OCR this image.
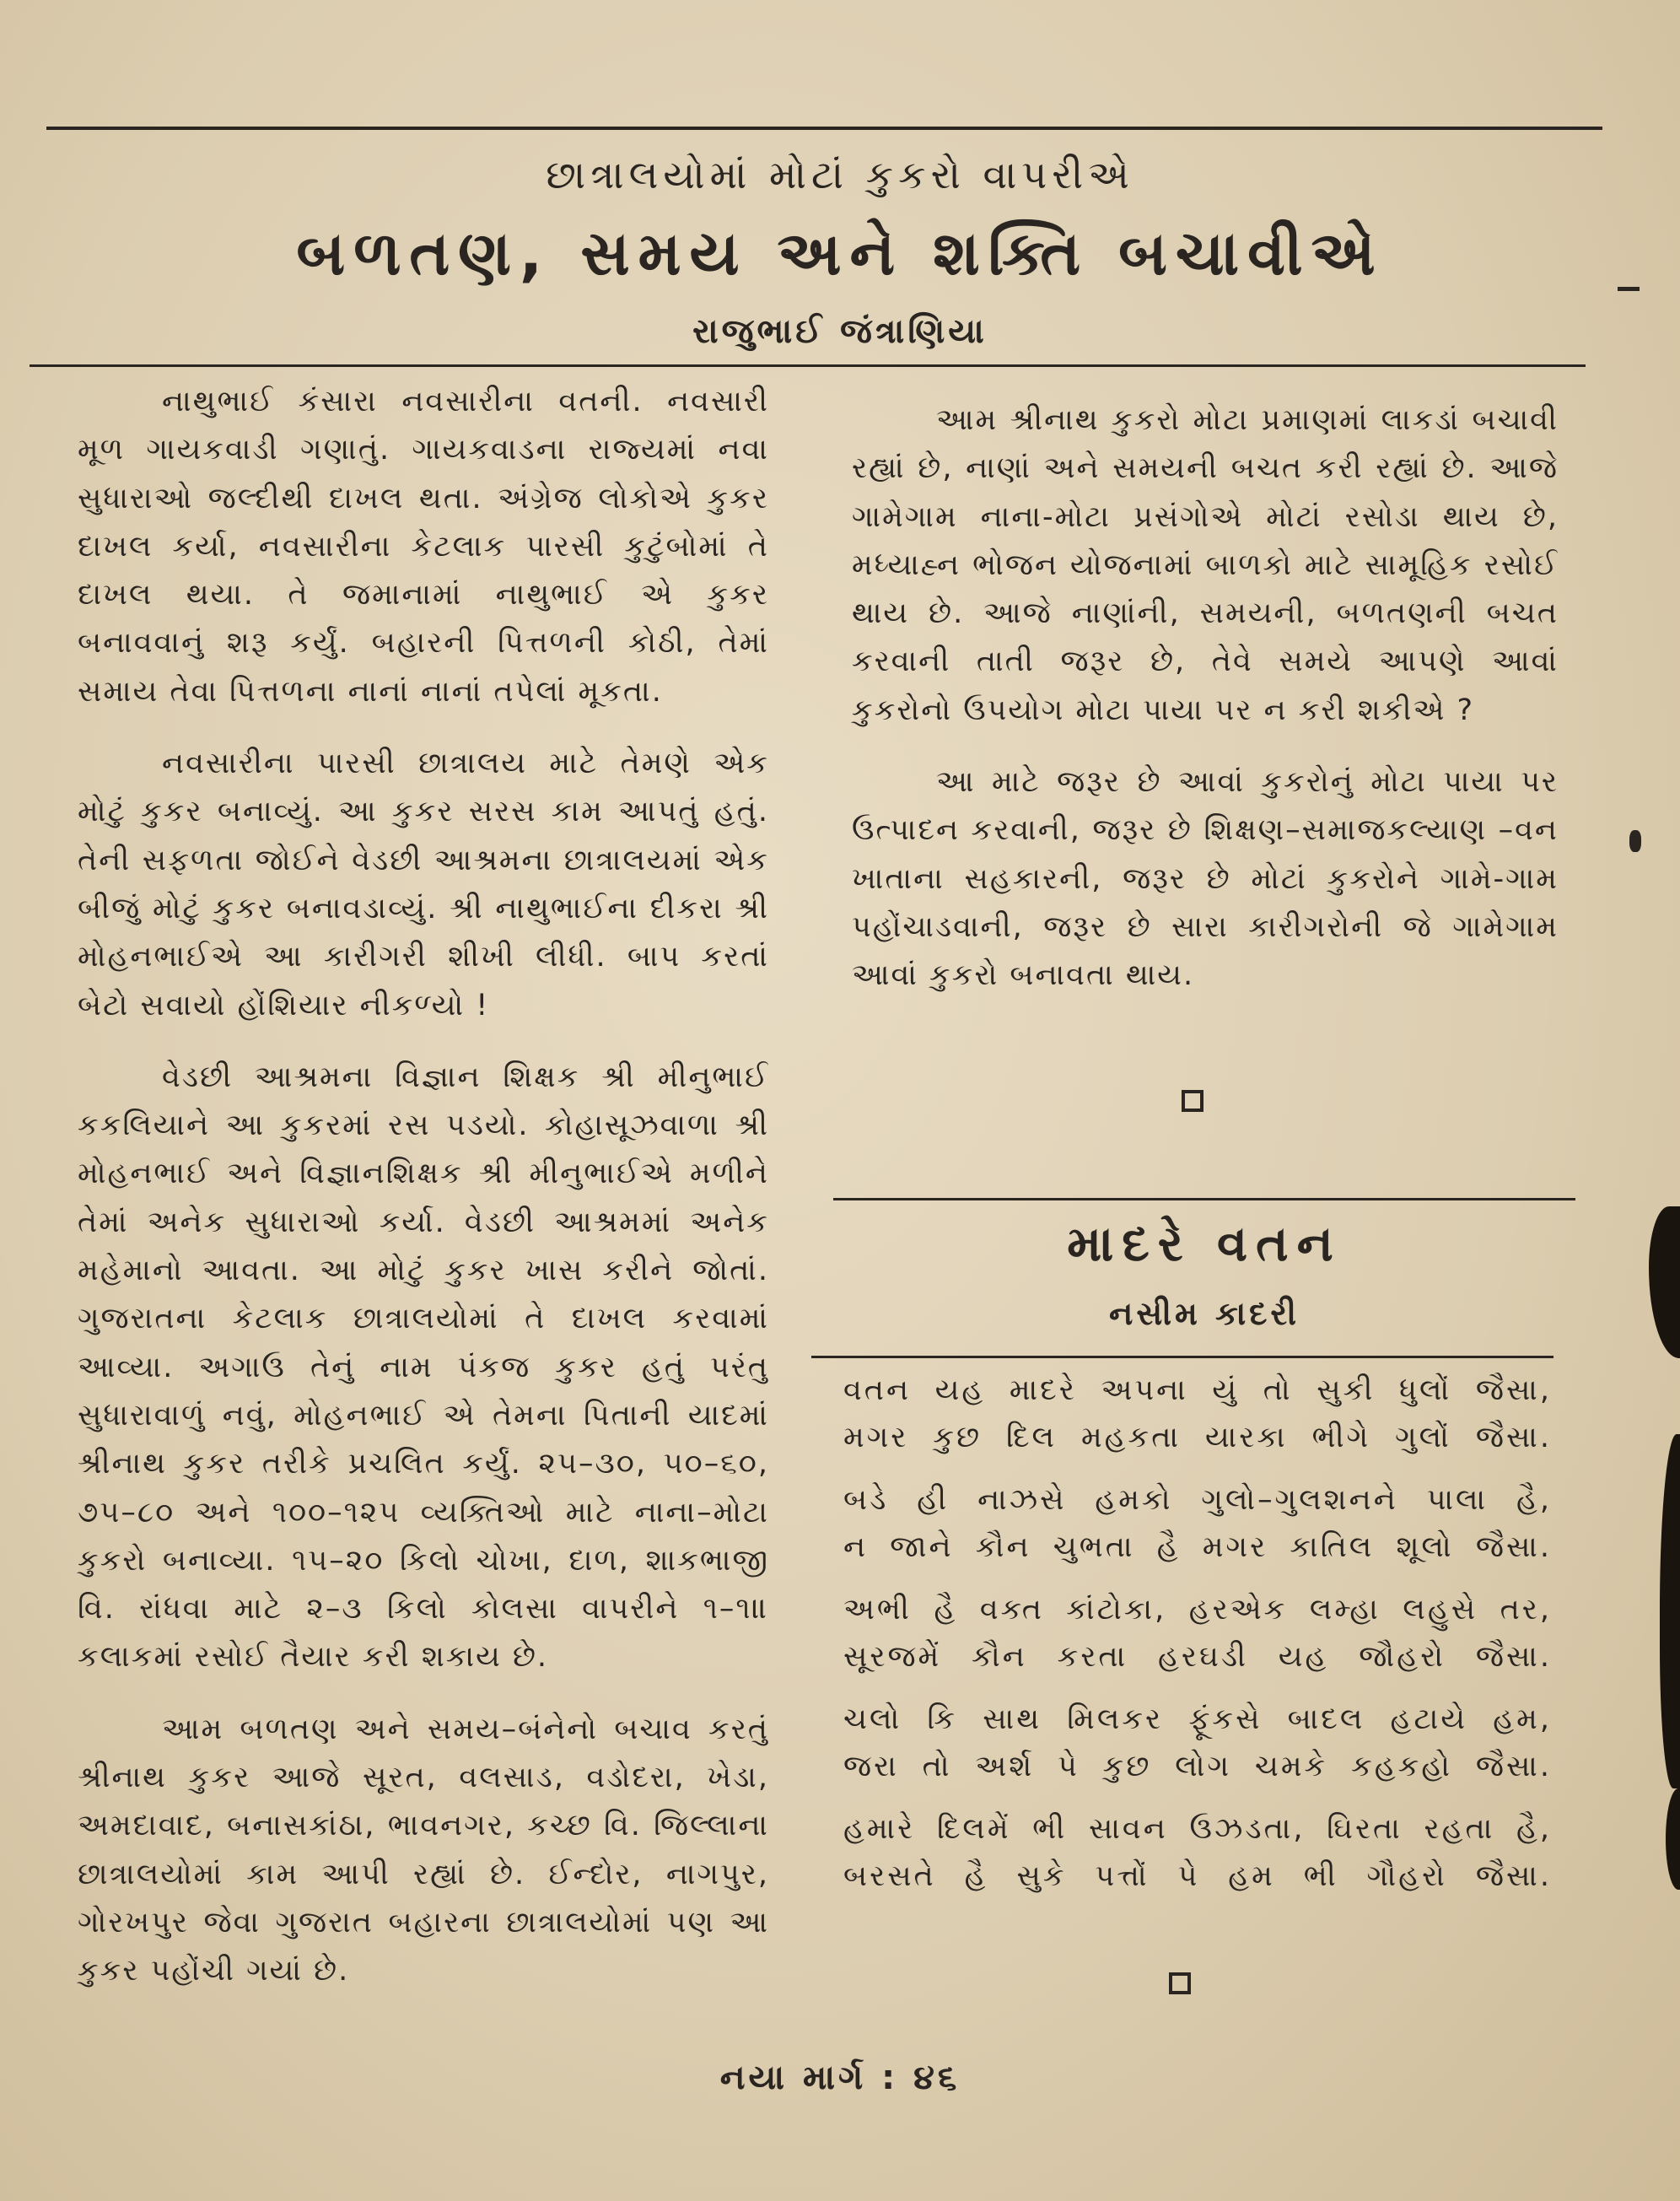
છાત્રાલયોમાં મોટાં કુકરો વાપરીએ
બળતણ, સમય અને શક્તિ બચાવીએ
રાજુભાઈ જંત્રાણિયા

નાથુભાઈ કંસારા નવસારીના વતની. નવસારી મૂળ ગાયકવાડી ગણાતું. ગાયકવાડના રાજ્યમાં નવા સુધારાઓ જલ્દીથી દાખલ થતા. અંગ્રેજ લોકોએ કુકર દાખલ કર્યા, નવસારીના કેટલાક પારસી કુટુંબોમાં તે દાખલ થયા. તે જમાનામાં નાથુભાઈ એ કુકર બનાવવાનું શરૂ કર્યું. બહારની પિત્તળની કોઠી, તેમાં સમાય તેવા પિત્તળના નાનાં નાનાં તપેલાં મૂકતા.

નવસારીના પારસી છાત્રાલય માટે તેમણે એક મોટું કુકર બનાવ્યું. આ કુકર સરસ કામ આપતું હતું. તેની સફળતા જોઈને વેડછી આશ્રમના છાત્રાલયમાં એક બીજું મોટું કુકર બનાવડાવ્યું. શ્રી નાથુભાઈના દીકરા શ્રી મોહનભાઈએ આ કારીગરી શીખી લીધી. બાપ કરતાં બેટો સવાયો હોંશિયાર નીકળ્યો !

વેડછી આશ્રમના વિજ્ઞાન શિક્ષક શ્રી મીનુભાઈ કકલિયાને આ કુકરમાં રસ પડયો. કોહાસૂઝવાળા શ્રી મોહનભાઈ અને વિજ્ઞાનશિક્ષક શ્રી મીનુભાઈએ મળીને તેમાં અનેક સુધારાઓ કર્યા. વેડછી આશ્રમમાં અનેક મહેમાનો આવતા. આ મોટું કુકર ખાસ કરીને જોતાં. ગુજરાતના કેટલાક છાત્રાલયોમાં તે દાખલ કરવામાં આવ્યા. અગાઉ તેનું નામ પંકજ કુકર હતું પરંતુ સુધારાવાળું નવું, મોહનભાઈ એ તેમના પિતાની યાદમાં શ્રીનાથ કુકર તરીકે પ્રચલિત કર્યું. ૨૫–૩૦, ૫૦–૬૦, ૭૫–૮૦ અને ૧૦૦–૧૨૫ વ્યક્તિઓ માટે નાના–મોટા કુકરો બનાવ્યા. ૧૫–૨૦ કિલો ચોખા, દાળ, શાકભાજી વિ. રાંધવા માટે ૨–૩ કિલો કોલસા વાપરીને ૧–૧॥ કલાકમાં રસોઈ તૈયાર કરી શકાય છે.

આમ બળતણ અને સમય–બંનેનો બચાવ કરતું શ્રીનાથ કુકર આજે સૂરત, વલસાડ, વડોદરા, ખેડા, અમદાવાદ, બનાસકાંઠા, ભાવનગર, કચ્છ વિ. જિલ્લાના છાત્રાલયોમાં કામ આપી રહ્યાં છે. ઈન્દોર, નાગપુર, ગોરખપુર જેવા ગુજરાત બહારના છાત્રાલયોમાં પણ આ કુકર પહોંચી ગયાં છે.

આમ શ્રીનાથ કુકરો મોટા પ્રમાણમાં લાકડાં બચાવી રહ્યાં છે, નાણાં અને સમયની બચત કરી રહ્યાં છે. આજે ગામેગામ નાના-મોટા પ્રસંગોએ મોટાં રસોડા થાય છે, મધ્યાહ્ન ભોજન યોજનામાં બાળકો માટે સામૂહિક રસોઈ થાય છે. આજે નાણાંની, સમયની, બળતણની બચત કરવાની તાતી જરૂર છે, તેવે સમયે આપણે આવાં કુકરોનો ઉપયોગ મોટા પાયા પર ન કરી શકીએ ?

આ માટે જરૂર છે આવાં કુકરોનું મોટા પાયા પર ઉત્પાદન કરવાની, જરૂર છે શિક્ષણ–સમાજકલ્યાણ –વન ખાતાના સહકારની, જરૂર છે મોટાં કુકરોને ગામે-ગામ પહોંચાડવાની, જરૂર છે સારા કારીગરોની જે ગામેગામ આવાં કુકરો બનાવતા થાય.

માદરે વતન
નસીમ કાદરી
વતન યહ માદરે અપના યું તો સુકી ધુલોં જૈસા,
મગર કુછ દિલ મહકતા યારકા ભીગે ગુલોં જૈસા.
બડે હી નાઝસે હમકો ગુલો–ગુલશનને પાલા હૈ,
ન જાને કૌન ચુભતા હૈ મગર કાતિલ શૂલો જૈસા.
અભી હૈ વક્ત કાંટોકા, હરએક લમ્હા લહુસે તર,
સૂરજમેં કૌન કરતા હરઘડી યહ જૌહરો જૈસા.
ચલો કિ સાથ મિલકર ફૂંકસે બાદલ હટાયે હમ,
જરા તો અર્શ પે કુછ લોગ ચમકે કહકહો જૈસા.
હમારે દિલમેં ભી સાવન ઉઝડતા, ઘિરતા રહતા હૈ,
બરસતે હૈ સુકે પત્તોં પે હમ ભી ગૌહરો જૈસા.
નયા માર્ગ : ૪૬
